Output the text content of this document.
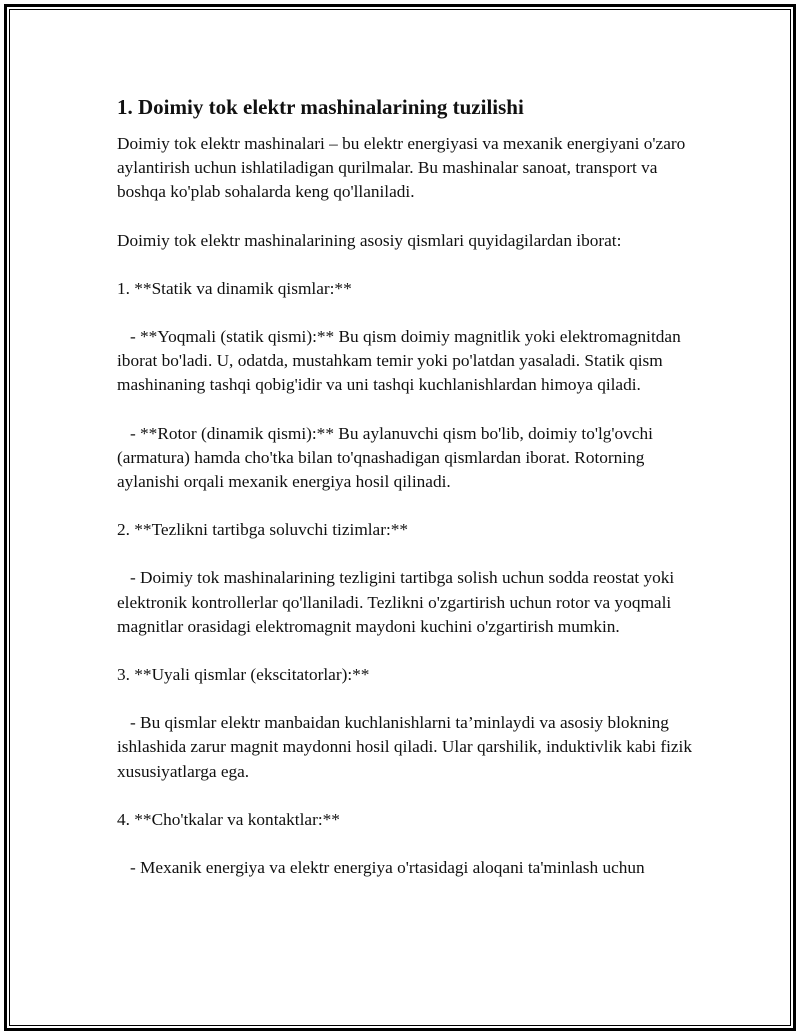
1. Doimiy tok elektr mashinalarining tuzilishi

Doimiy tok elektr mashinalari – bu elektr energiyasi va mexanik energiyani o'zaro aylantirish uchun ishlatiladigan qurilmalar. Bu mashinalar sanoat, transport va boshqa ko'plab sohalarda keng qo'llaniladi.

Doimiy tok elektr mashinalarining asosiy qismlari quyidagilardan iborat:

1. **Statik va dinamik qismlar:**

- **Yoqmali (statik qismi):** Bu qism doimiy magnitlik yoki elektromagnitdan iborat bo'ladi. U, odatda, mustahkam temir yoki po'latdan yasaladi. Statik qism mashinaning tashqi qobig'idir va uni tashqi kuchlanishlardan himoya qiladi.

- **Rotor (dinamik qismi):** Bu aylanuvchi qism bo'lib, doimiy to'lg'ovchi (armatura) hamda cho'tka bilan to'qnashadigan qismlardan iborat. Rotorning aylanishi orqali mexanik energiya hosil qilinadi.

2. **Tezlikni tartibga soluvchi tizimlar:**

- Doimiy tok mashinalarining tezligini tartibga solish uchun sodda reostat yoki elektronik kontrollerlar qo'llaniladi. Tezlikni o'zgartirish uchun rotor va yoqmali magnitlar orasidagi elektromagnit maydoni kuchini o'zgartirish mumkin.

3. **Uyali qismlar (ekscitatorlar):**

- Bu qismlar elektr manbaidan kuchlanishlarni ta’minlaydi va asosiy blokning ishlashida zarur magnit maydonni hosil qiladi. Ular qarshilik, induktivlik kabi fizik xususiyatlarga ega.

4. **Cho'tkalar va kontaktlar:**

- Mexanik energiya va elektr energiya o'rtasidagi aloqani ta'minlash uchun
